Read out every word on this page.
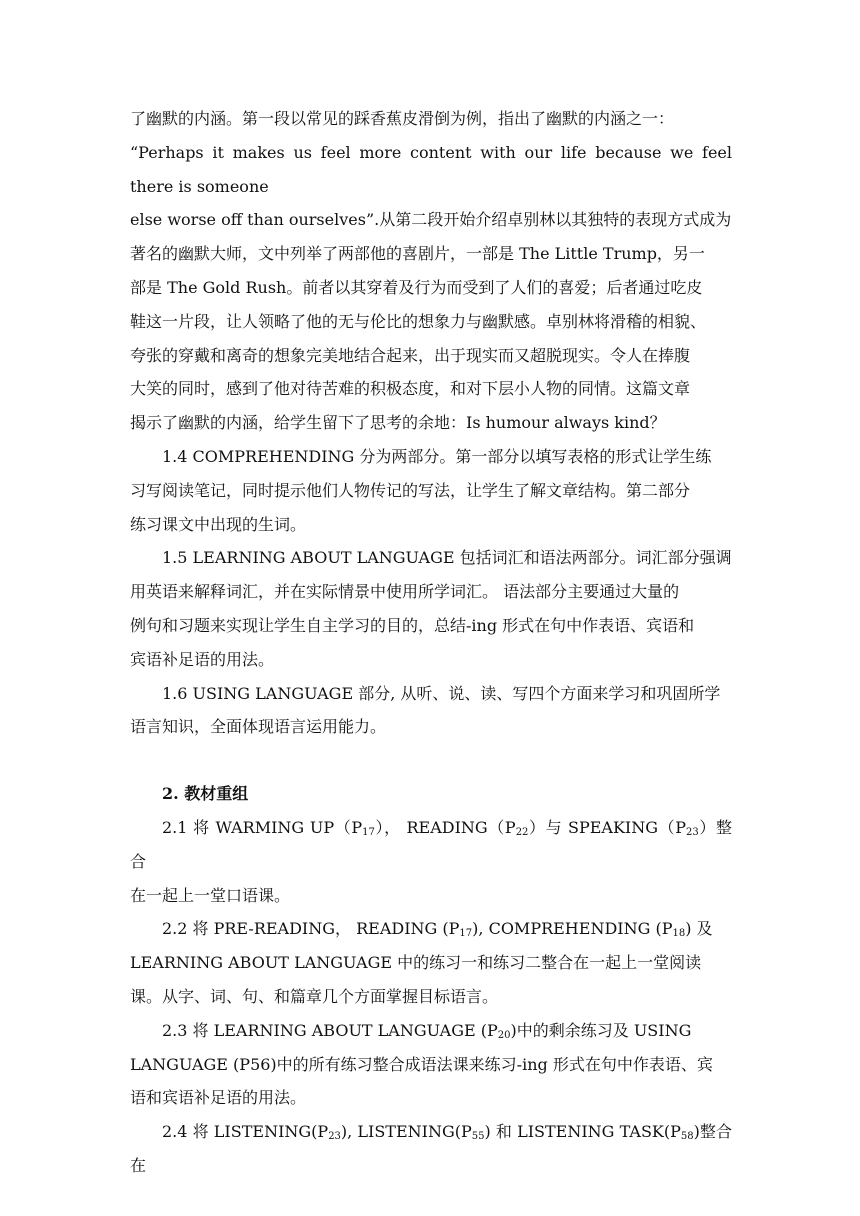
了幽默的内涵。第一段以常见的踩香蕉皮滑倒为例，指出了幽默的内涵之一：

“Perhaps it makes us feel more content with our life because we feel there is someone

else worse off than ourselves”.从第二段开始介绍卓别林以其独特的表现方式成为

著名的幽默大师，文中列举了两部他的喜剧片，一部是 The Little Trump，另一

部是 The Gold Rush。前者以其穿着及行为而受到了人们的喜爱；后者通过吃皮

鞋这一片段，让人领略了他的无与伦比的想象力与幽默感。卓别林将滑稽的相貌、

夸张的穿戴和离奇的想象完美地结合起来，出于现实而又超脱现实。令人在捧腹

大笑的同时，感到了他对待苦难的积极态度，和对下层小人物的同情。这篇文章

揭示了幽默的内涵，给学生留下了思考的余地：Is humour always kind？

1.4 COMPREHENDING 分为两部分。第一部分以填写表格的形式让学生练

习写阅读笔记，同时提示他们人物传记的写法，让学生了解文章结构。第二部分

练习课文中出现的生词。

1.5 LEARNING ABOUT LANGUAGE 包括词汇和语法两部分。词汇部分强调

用英语来解释词汇，并在实际情景中使用所学词汇。 语法部分主要通过大量的

例句和习题来实现让学生自主学习的目的，总结-ing 形式在句中作表语、宾语和

宾语补足语的用法。

1.6 USING LANGUAGE 部分, 从听、说、读、写四个方面来学习和巩固所学

语言知识，全面体现语言运用能力。

2. 教材重组

2.1 将 WARMING $UP(P_{17})$， $READING(P_{22})$与 $SPEAKING(P_{23})$整合

在一起上一堂口语课。

2.2 将 PRE-READING， READING $(P_{17})$, COMPREHENDING $(P_{18})$ 及

LEARNING ABOUT LANGUAGE 中的练习一和练习二整合在一起上一堂阅读

课。从字、词、句、和篇章几个方面掌握目标语言。

2.3 将 LEARNING ABOUT LANGUAGE $(P_{20})$中的剩余练习及 USING

LANGUAGE (P56)中的所有练习整合成语法课来练习-ing 形式在句中作表语、宾

语和宾语补足语的用法。

2.4 将 $LISTENING(P_{23})$, $LISTENING(P_{55})$ 和 LISTENING $TASK(P_{58})$整合在
